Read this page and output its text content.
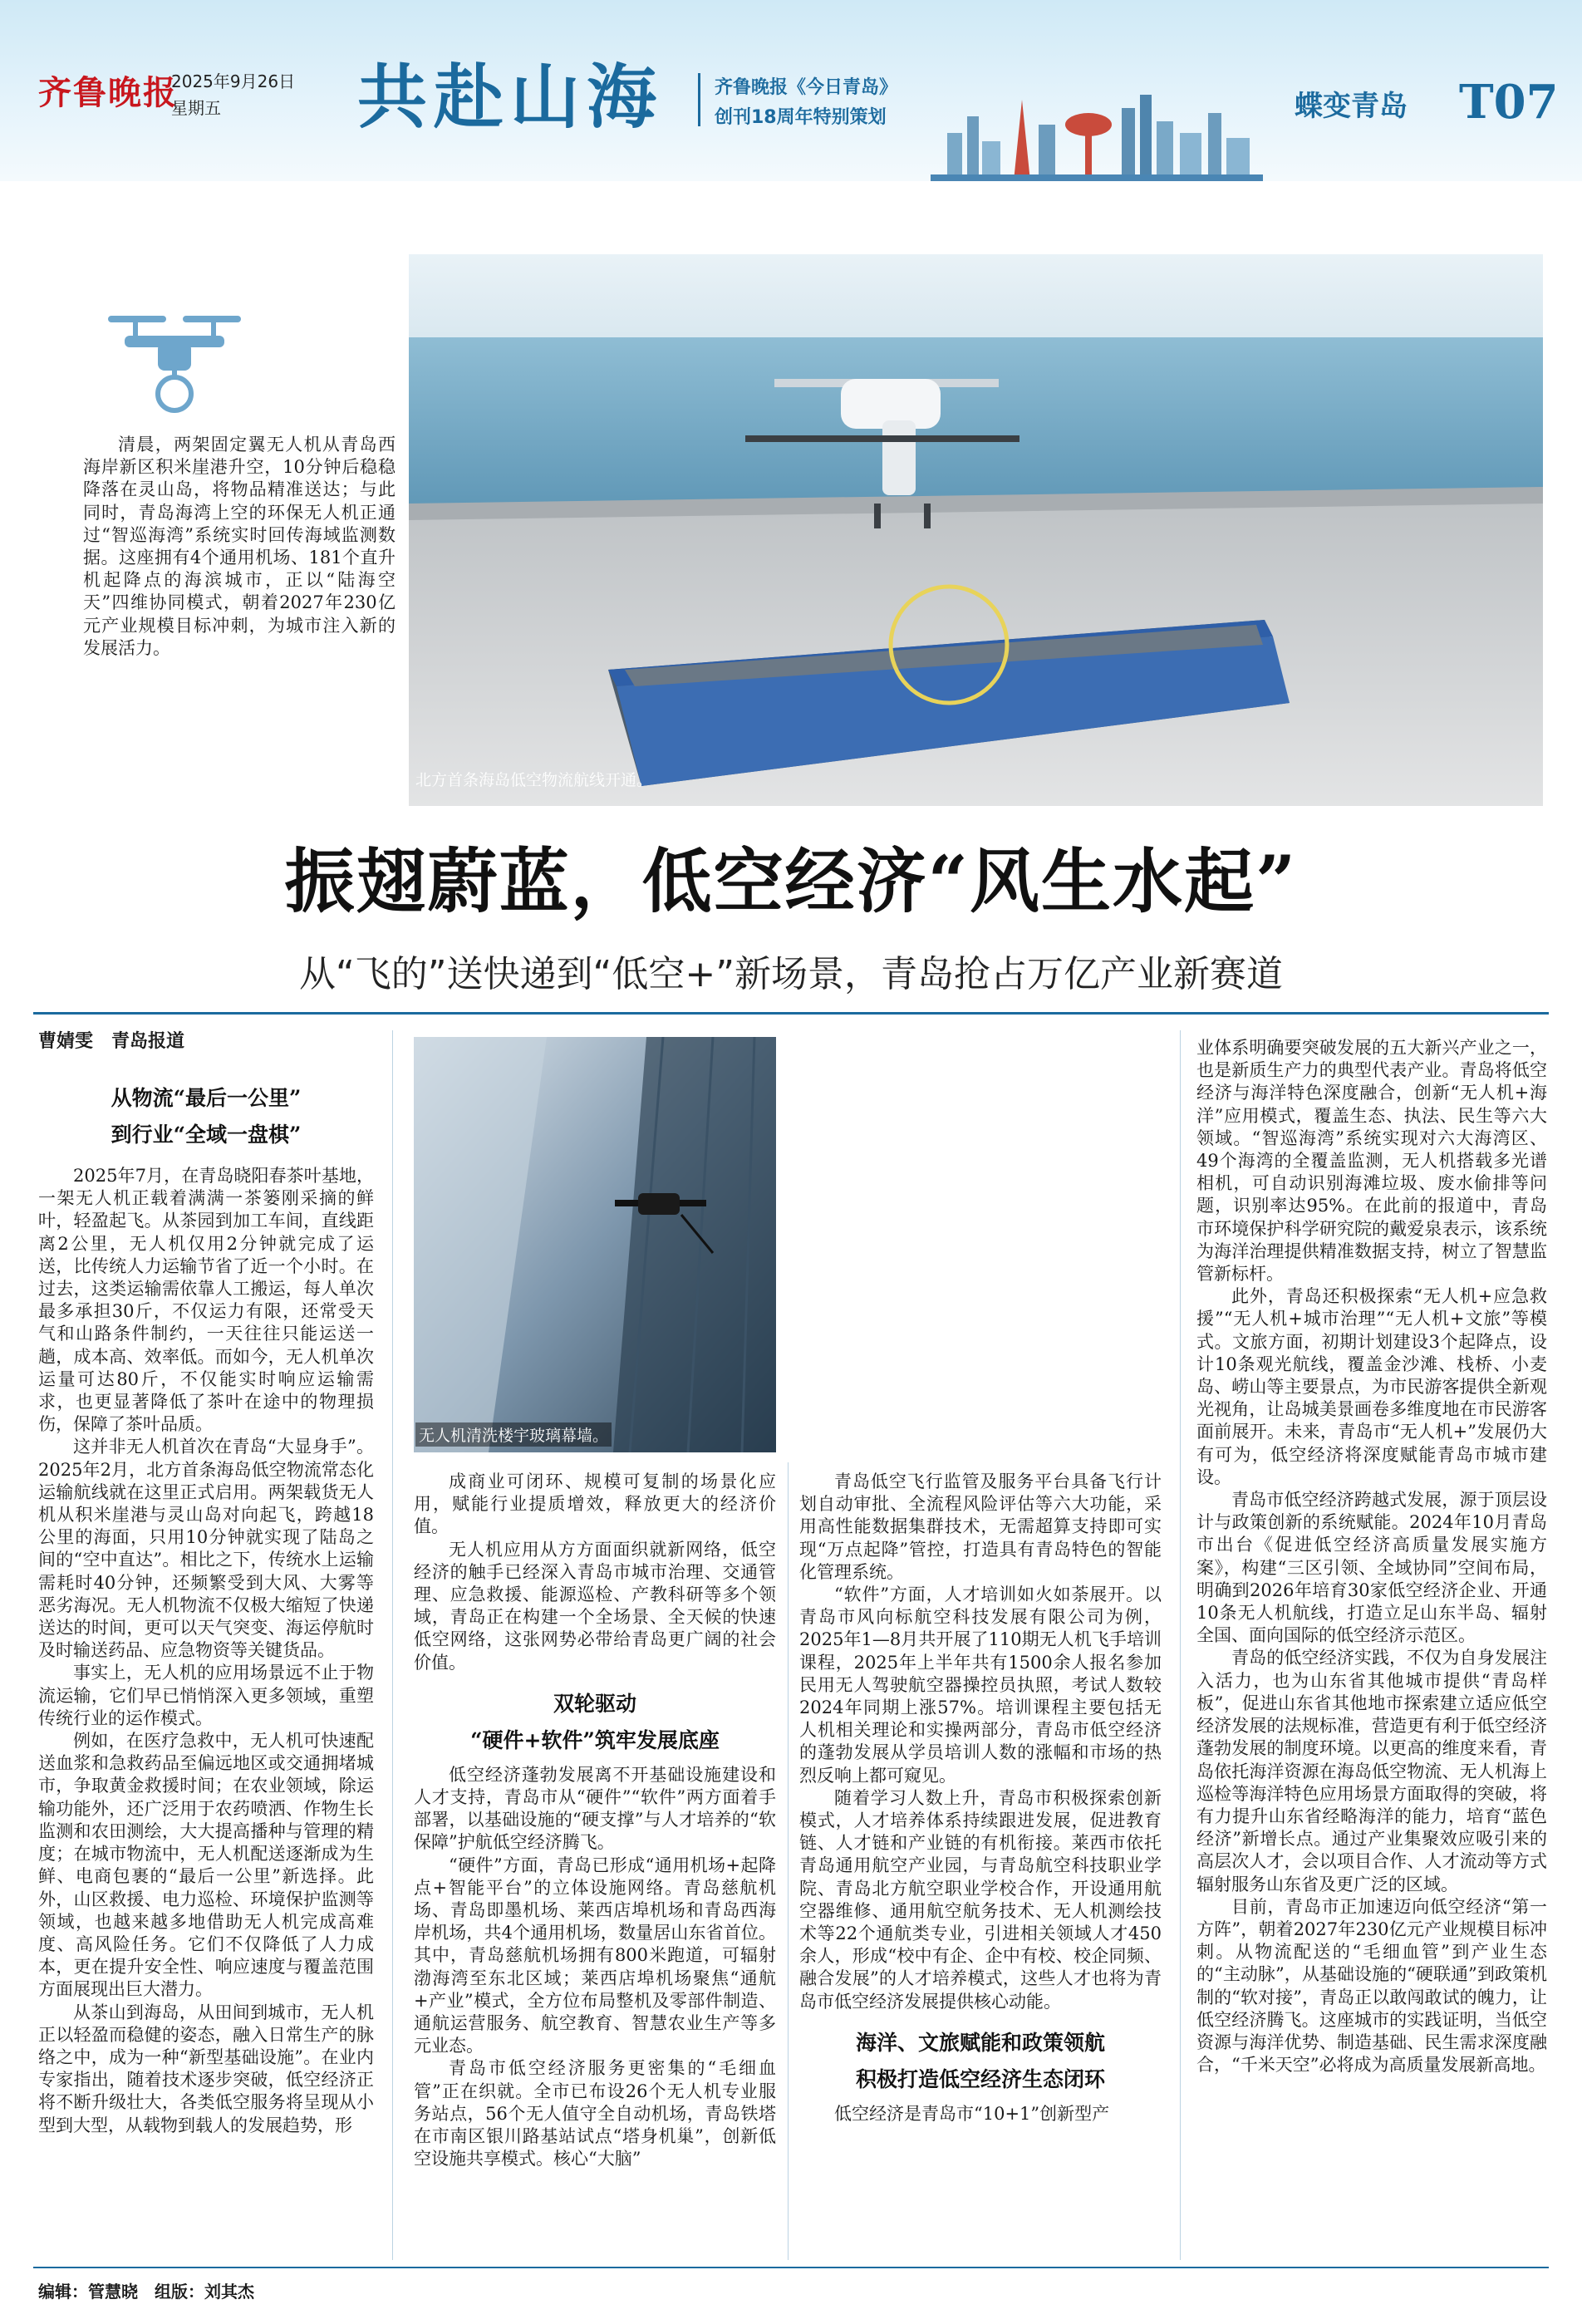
齐鲁晚报
2025年9月26日
星期五 共赴山海	齐鲁晚报《今日青岛》
创刊18周年特别策划	蝶变青岛 T07
清晨，两架固定翼无人机从青岛西海岸新区积米崖港升空，10分钟后稳稳降落在灵山岛，将物品精准送达；与此同时，青岛海湾上空的环保无人机正通过“智巡海湾”系统实时回传海域监测数据。这座拥有4个通用机场、181个直升机起降点的海滨城市，正以“陆海空天”四维协同模式，朝着2027年230亿元产业规模目标冲刺，为城市注入新的发展活力。
北方首条海岛低空物流航线开通。
振翅蔚蓝，低空经济“风生水起”
从“飞的”送快递到“低空+”新场景，青岛抢占万亿产业新赛道
曹婧雯　青岛报道
从物流“最后一公里”
到行业“全域一盘棋”

2025年7月，在青岛晓阳春茶叶基地，一架无人机正载着满满一茶篓刚采摘的鲜叶，轻盈起飞。从茶园到加工车间，直线距离2公里，无人机仅用2分钟就完成了运送，比传统人力运输节省了近一个小时。在过去，这类运输需依靠人工搬运，每人单次最多承担30斤，不仅运力有限，还常受天气和山路条件制约，一天往往只能运送一趟，成本高、效率低。而如今，无人机单次运量可达80斤，不仅能实时响应运输需求，也更显著降低了茶叶在途中的物理损伤，保障了茶叶品质。

这并非无人机首次在青岛“大显身手”。2025年2月，北方首条海岛低空物流常态化运输航线就在这里正式启用。两架载货无人机从积米崖港与灵山岛对向起飞，跨越18公里的海面，只用10分钟就实现了陆岛之间的“空中直达”。相比之下，传统水上运输需耗时40分钟，还频繁受到大风、大雾等恶劣海况。无人机物流不仅极大缩短了快递送达的时间，更可以天气突变、海运停航时及时输送药品、应急物资等关键货品。

事实上，无人机的应用场景远不止于物流运输，它们早已悄悄深入更多领域，重塑传统行业的运作模式。

例如，在医疗急救中，无人机可快速配送血浆和急救药品至偏远地区或交通拥堵城市，争取黄金救援时间；在农业领域，除运输功能外，还广泛用于农药喷洒、作物生长监测和农田测绘，大大提高播种与管理的精度；在城市物流中，无人机配送逐渐成为生鲜、电商包裹的“最后一公里”新选择。此外，山区救援、电力巡检、环境保护监测等领域，也越来越多地借助无人机完成高难度、高风险任务。它们不仅降低了人力成本，更在提升安全性、响应速度与覆盖范围方面展现出巨大潜力。

从茶山到海岛，从田间到城市，无人机正以轻盈而稳健的姿态，融入日常生产的脉络之中，成为一种“新型基础设施”。在业内专家指出，随着技术逐步突破，低空经济正将不断升级壮大，各类低空服务将呈现从小型到大型，从载物到载人的发展趋势，形

无人机清洗楼宇玻璃幕墙。

成商业可闭环、规模可复制的场景化应用，赋能行业提质增效，释放更大的经济价值。

无人机应用从方方面面织就新网络，低空经济的触手已经深入青岛市城市治理、交通管理、应急救援、能源巡检、产教科研等多个领域，青岛正在构建一个全场景、全天候的快速低空网络，这张网势必带给青岛更广阔的社会价值。

双轮驱动
“硬件+软件”筑牢发展底座

低空经济蓬勃发展离不开基础设施建设和人才支持，青岛市从“硬件”“软件”两方面着手部署，以基础设施的“硬支撑”与人才培养的“软保障”护航低空经济腾飞。

“硬件”方面，青岛已形成“通用机场+起降点+智能平台”的立体设施网络。青岛慈航机场、青岛即墨机场、莱西店埠机场和青岛西海岸机场，共4个通用机场，数量居山东省首位。其中，青岛慈航机场拥有800米跑道，可辐射渤海湾至东北区域；莱西店埠机场聚焦“通航+产业”模式，全方位布局整机及零部件制造、通航运营服务、航空教育、智慧农业生产等多元业态。

青岛市低空经济服务更密集的“毛细血管”正在织就。全市已布设26个无人机专业服务站点，56个无人值守全自动机场，青岛铁塔在市南区银川路基站试点“塔身机巢”，创新低空设施共享模式。核心“大脑”

青岛低空飞行监管及服务平台具备飞行计划自动审批、全流程风险评估等六大功能，采用高性能数据集群技术，无需超算支持即可实现“万点起降”管控，打造具有青岛特色的智能化管理系统。

“软件”方面，人才培训如火如荼展开。以青岛市风向标航空科技发展有限公司为例，2025年1—8月共开展了110期无人机飞手培训课程，2025年上半年共有1500余人报名参加民用无人驾驶航空器操控员执照，考试人数较2024年同期上涨57%。培训课程主要包括无人机相关理论和实操两部分，青岛市低空经济的蓬勃发展从学员培训人数的涨幅和市场的热烈反响上都可窥见。

随着学习人数上升，青岛市积极探索创新模式，人才培养体系持续跟进发展，促进教育链、人才链和产业链的有机衔接。莱西市依托青岛通用航空产业园，与青岛航空科技职业学院、青岛北方航空职业学校合作，开设通用航空器维修、通用航空航务技术、无人机测绘技术等22个通航类专业，引进相关领域人才450余人，形成“校中有企、企中有校、校企同频、融合发展”的人才培养模式，这些人才也将为青岛市低空经济发展提供核心动能。

海洋、文旅赋能和政策领航
积极打造低空经济生态闭环

低空经济是青岛市“10+1”创新型产

业体系明确要突破发展的五大新兴产业之一，也是新质生产力的典型代表产业。青岛将低空经济与海洋特色深度融合，创新“无人机+海洋”应用模式，覆盖生态、执法、民生等六大领域。“智巡海湾”系统实现对六大海湾区、49个海湾的全覆盖监测，无人机搭载多光谱相机，可自动识别海滩垃圾、废水偷排等问题，识别率达95%。在此前的报道中，青岛市环境保护科学研究院的戴爱泉表示，该系统为海洋治理提供精准数据支持，树立了智慧监管新标杆。

此外，青岛还积极探索“无人机+应急救援”“无人机+城市治理”“无人机+文旅”等模式。文旅方面，初期计划建设3个起降点，设计10条观光航线，覆盖金沙滩、栈桥、小麦岛、崂山等主要景点，为市民游客提供全新观光视角，让岛城美景画卷多维度地在市民游客面前展开。未来，青岛市“无人机+”发展仍大有可为，低空经济将深度赋能青岛市城市建设。

青岛市低空经济跨越式发展，源于顶层设计与政策创新的系统赋能。2024年10月青岛市出台《促进低空经济高质量发展实施方案》，构建“三区引领、全域协同”空间布局，明确到2026年培育30家低空经济企业、开通10条无人机航线，打造立足山东半岛、辐射全国、面向国际的低空经济示范区。

青岛的低空经济实践，不仅为自身发展注入活力，也为山东省其他城市提供“青岛样板”，促进山东省其他地市探索建立适应低空经济发展的法规标准，营造更有利于低空经济蓬勃发展的制度环境。以更高的维度来看，青岛依托海洋资源在海岛低空物流、无人机海上巡检等海洋特色应用场景方面取得的突破，将有力提升山东省经略海洋的能力，培育“蓝色经济”新增长点。通过产业集聚效应吸引来的高层次人才，会以项目合作、人才流动等方式辐射服务山东省及更广泛的区域。

目前，青岛市正加速迈向低空经济“第一方阵”，朝着2027年230亿元产业规模目标冲刺。从物流配送的“毛细血管”到产业生态的“主动脉”，从基础设施的“硬联通”到政策机制的“软对接”，青岛正以敢闯敢试的魄力，让低空经济腾飞。这座城市的实践证明，当低空资源与海洋优势、制造基础、民生需求深度融合，“千米天空”必将成为高质量发展新高地。

编辑：管慧晓　组版：刘其杰
